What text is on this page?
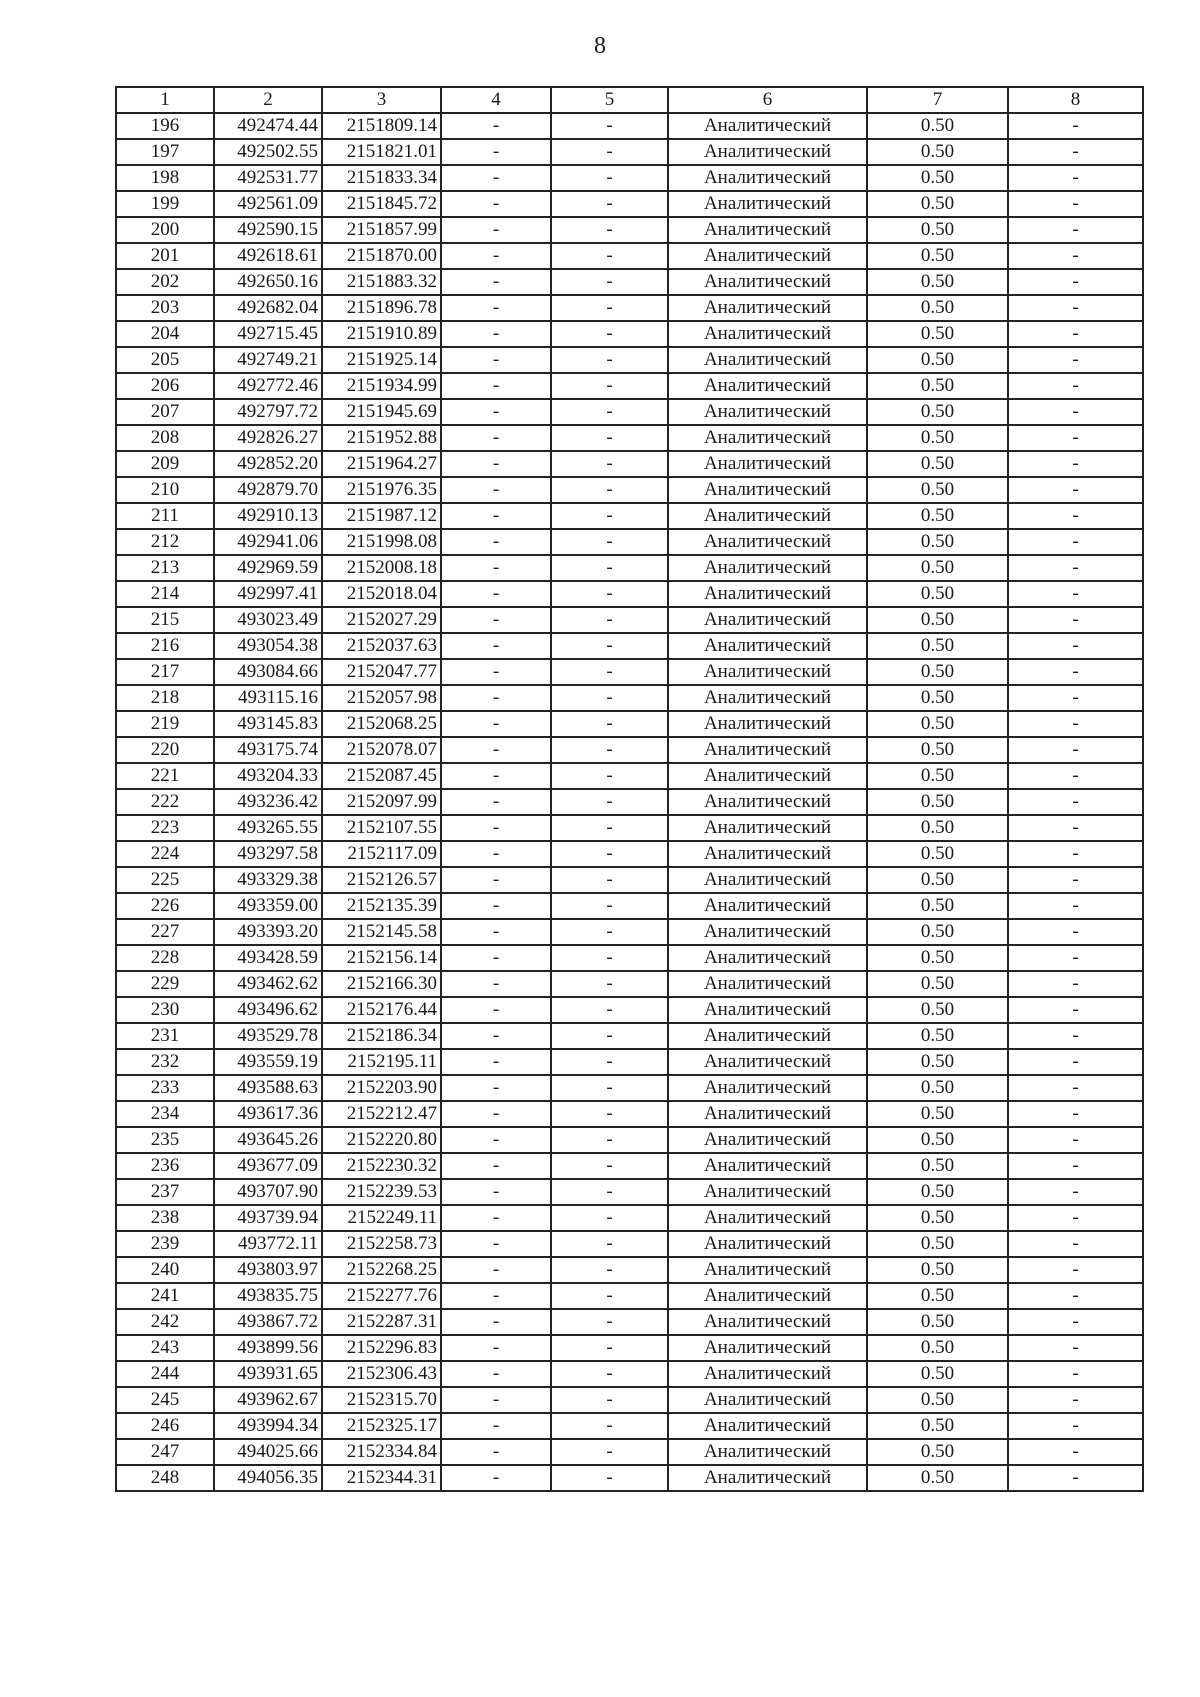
8
1	2	3	4	5	6	7	8
196	492474.44	2151809.14	-	-	Аналитический	0.50	-
197	492502.55	2151821.01	-	-	Аналитический	0.50	-
198	492531.77	2151833.34	-	-	Аналитический	0.50	-
199	492561.09	2151845.72	-	-	Аналитический	0.50	-
200	492590.15	2151857.99	-	-	Аналитический	0.50	-
201	492618.61	2151870.00	-	-	Аналитический	0.50	-
202	492650.16	2151883.32	-	-	Аналитический	0.50	-
203	492682.04	2151896.78	-	-	Аналитический	0.50	-
204	492715.45	2151910.89	-	-	Аналитический	0.50	-
205	492749.21	2151925.14	-	-	Аналитический	0.50	-
206	492772.46	2151934.99	-	-	Аналитический	0.50	-
207	492797.72	2151945.69	-	-	Аналитический	0.50	-
208	492826.27	2151952.88	-	-	Аналитический	0.50	-
209	492852.20	2151964.27	-	-	Аналитический	0.50	-
210	492879.70	2151976.35	-	-	Аналитический	0.50	-
211	492910.13	2151987.12	-	-	Аналитический	0.50	-
212	492941.06	2151998.08	-	-	Аналитический	0.50	-
213	492969.59	2152008.18	-	-	Аналитический	0.50	-
214	492997.41	2152018.04	-	-	Аналитический	0.50	-
215	493023.49	2152027.29	-	-	Аналитический	0.50	-
216	493054.38	2152037.63	-	-	Аналитический	0.50	-
217	493084.66	2152047.77	-	-	Аналитический	0.50	-
218	493115.16	2152057.98	-	-	Аналитический	0.50	-
219	493145.83	2152068.25	-	-	Аналитический	0.50	-
220	493175.74	2152078.07	-	-	Аналитический	0.50	-
221	493204.33	2152087.45	-	-	Аналитический	0.50	-
222	493236.42	2152097.99	-	-	Аналитический	0.50	-
223	493265.55	2152107.55	-	-	Аналитический	0.50	-
224	493297.58	2152117.09	-	-	Аналитический	0.50	-
225	493329.38	2152126.57	-	-	Аналитический	0.50	-
226	493359.00	2152135.39	-	-	Аналитический	0.50	-
227	493393.20	2152145.58	-	-	Аналитический	0.50	-
228	493428.59	2152156.14	-	-	Аналитический	0.50	-
229	493462.62	2152166.30	-	-	Аналитический	0.50	-
230	493496.62	2152176.44	-	-	Аналитический	0.50	-
231	493529.78	2152186.34	-	-	Аналитический	0.50	-
232	493559.19	2152195.11	-	-	Аналитический	0.50	-
233	493588.63	2152203.90	-	-	Аналитический	0.50	-
234	493617.36	2152212.47	-	-	Аналитический	0.50	-
235	493645.26	2152220.80	-	-	Аналитический	0.50	-
236	493677.09	2152230.32	-	-	Аналитический	0.50	-
237	493707.90	2152239.53	-	-	Аналитический	0.50	-
238	493739.94	2152249.11	-	-	Аналитический	0.50	-
239	493772.11	2152258.73	-	-	Аналитический	0.50	-
240	493803.97	2152268.25	-	-	Аналитический	0.50	-
241	493835.75	2152277.76	-	-	Аналитический	0.50	-
242	493867.72	2152287.31	-	-	Аналитический	0.50	-
243	493899.56	2152296.83	-	-	Аналитический	0.50	-
244	493931.65	2152306.43	-	-	Аналитический	0.50	-
245	493962.67	2152315.70	-	-	Аналитический	0.50	-
246	493994.34	2152325.17	-	-	Аналитический	0.50	-
247	494025.66	2152334.84	-	-	Аналитический	0.50	-
248	494056.35	2152344.31	-	-	Аналитический	0.50	-
